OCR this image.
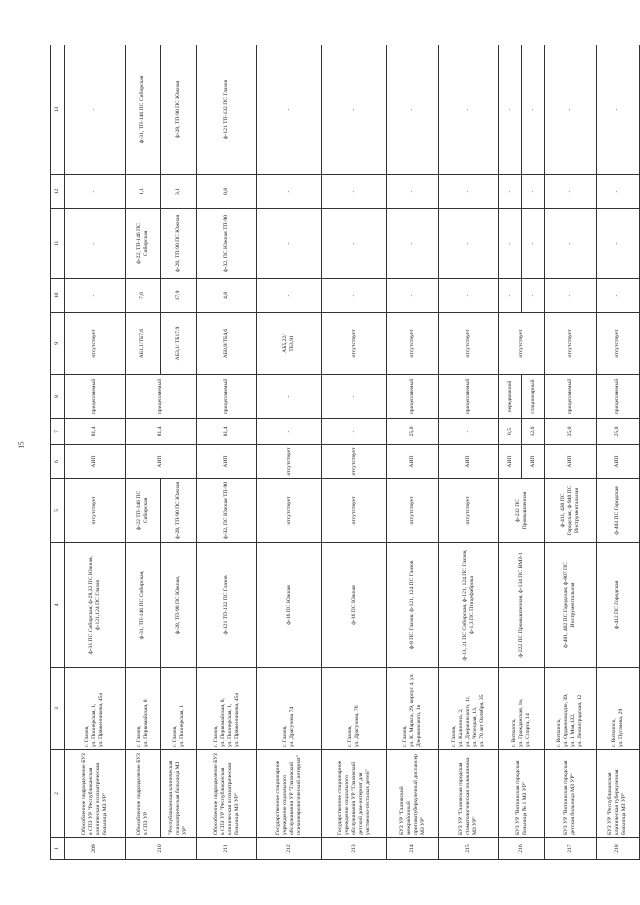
15
1	2	3	4	5	6	7	8	9	10	11	12	13
209	Обособленное подразделение БУЗ в СПЗ УР "Республиканская клиническая психиатрическая больница МЗ УР"	г. Глазов,
ул. Пионерская, 1,
ул. Пряженникова, 45а	ф-31 ПС Сибирская; ф-28,32 ПС Южная, ф-121,124 ПС Глазов	отсутствует	АИП	81,4	прицепляемый	отсутствует	-	-	-	-
210	Обособленное подразделение БУЗ в СПЗ УР	г. Глазов,
ул. Первомайская, 8	ф-31, ТП-146 ПС Сибирская,	ф-22 ТП-146 ПС Сибирская	АИП	81,4	прицепляемый	АБ1,1/ТБ7,6	7,6	ф-22, ТП-146 ПС Сибирская	1,1	ф-31, ТП-146 ПС Сибирская
	"Республиканская клиническая психиатрическая больница МЗ УР"	г. Глазов,
ул. Пионерская, 1	ф-28, ТП-90 ПС Южная,	ф-28, ТП-90 ПС Южная				АБ3,1/ ТБ17,9	17,9	ф-28, ТП-90 ПС Южная	3,1	ф-28, ТП-90 ПС Южная
211	Обособленное подразделение БУЗ в СПЗ УР "Республиканская клиническая психиатрическая больница МЗ УР"	г. Глазов,
ул. Первомайская, 8,
ул. Пионерская, 1,
ул. Пряженникова, 45а	ф-121 ТП-132 ПС Глазов	ф-32, ПС Южная ТП-90	АИП	81,4	прицепляемый	АБ0,8/ТБ4,6	4,8	ф-32, ПС Южная ТП-90	0,8	ф-121 ТП-132 ПС Глазов
212	Государственное стационарное учреждение социального обслуживания УР "Глазовский психоневрологический интернат"	г. Глазов,
ул. Драгунова 74	ф-16 ПС Южная	отсутствует	отсутствует	-	-	АБ5,22/
ТБ3,91	-	-	-	-
213	Государственное стационарное учреждение социального обслуживания УР "Глазовский детский дом-интернат для умственно-отсталых детей"	г. Глазов,
ул. Драгунова, 76	ф-16 ПС Южная	отсутствует	отсутствует	-	-	отсутствует	-	-	-	-
214	БУЗ УР "Глазовский межрайонный противотуберкулезный диспансер МЗ УР"	г. Глазов,
ул. К. Маркса, 29, корпус 4, ул. Дзержинского, 1в	ф-8 ПС Глазов; ф-121, 124 ПС Глазов	отсутствует	АИП	25,0	прицепляемый	отсутствует	-	-	-	-
215	БУЗ УР "Глазовская городская стоматологическая поликлиника МЗ УР"	г. Глазов,
ул. Калинина, 2,
ул. Дзержинского, 1г,
ул. Чепецкая, 13,
ул. 70 лет Октября, 35	ф-13, 21 ПС Сибирская, ф-121, 124 ПС Глазов, ф-1,3 ПС Птицефабрика	отсутствует	АИП	-	прицепляемый	отсутствует	-	-	-	-
216	БУЗ УР "Воткинская городская больница № 1 МЗ УР"	г. Воткинск,
ул. Гражданская, 1в,
ул. Спорта, 14	ф-222 ПС Промышленная, ф-134 ПС ВМЗ-1	ф-232 ПС Промышленная	АИП	6,5	передвижной	отсутствует	-	-	-	-
					АИП	12,0	стационарный		-	-	-	-
217	БУЗ УР "Воткинская городская детская больница МЗ УР"	г. Воткинск,
ул. Орджоникидзе, 39,
ул. 1 Мая,132,
ул. Ленинградская, 12	ф-401, 402 ПС Городская; ф-807 ПС Инструментальная	ф-411, 430 ПС Городская, ф-940 ПС Инструментальная	АИП	25,0	прицепляемый	отсутствует	-	-	-	-
218	БУЗ УР "Республиканская клиническая туберкулезная больница МЗ УР"	г. Воткинск,
ул. Пугачева, 29	ф-412 ПС Городская	ф-403 ПС Городская	АИП	25,0	прицепляемый	отсутствует	-	-	-	-
